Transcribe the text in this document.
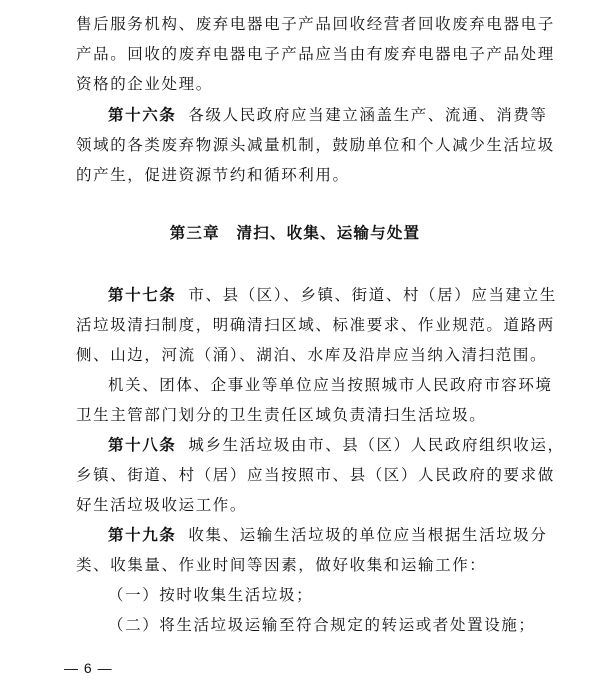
售后服务机构、废弃电器电子产品回收经营者回收废弃电器电子
产品。回收的废弃电器电子产品应当由有废弃电器电子产品处理
资格的企业处理。
第十六条 各级人民政府应当建立涵盖生产、流通、消费等
领域的各类废弃物源头减量机制，鼓励单位和个人减少生活垃圾
的产生，促进资源节约和循环利用。
第三章　清扫、收集、运输与处置
第十七条 市、县（区）、乡镇、街道、村（居）应当建立生
活垃圾清扫制度，明确清扫区域、标准要求、作业规范。道路两
侧、山边，河流（涌）、湖泊、水库及沿岸应当纳入清扫范围。
机关、团体、企事业等单位应当按照城市人民政府市容环境
卫生主管部门划分的卫生责任区域负责清扫生活垃圾。
第十八条 城乡生活垃圾由市、县（区）人民政府组织收运，
乡镇、街道、村（居）应当按照市、县（区）人民政府的要求做
好生活垃圾收运工作。
第十九条 收集、运输生活垃圾的单位应当根据生活垃圾分
类、收集量、作业时间等因素，做好收集和运输工作：
（一）按时收集生活垃圾；
（二）将生活垃圾运输至符合规定的转运或者处置设施；
— 6 —
